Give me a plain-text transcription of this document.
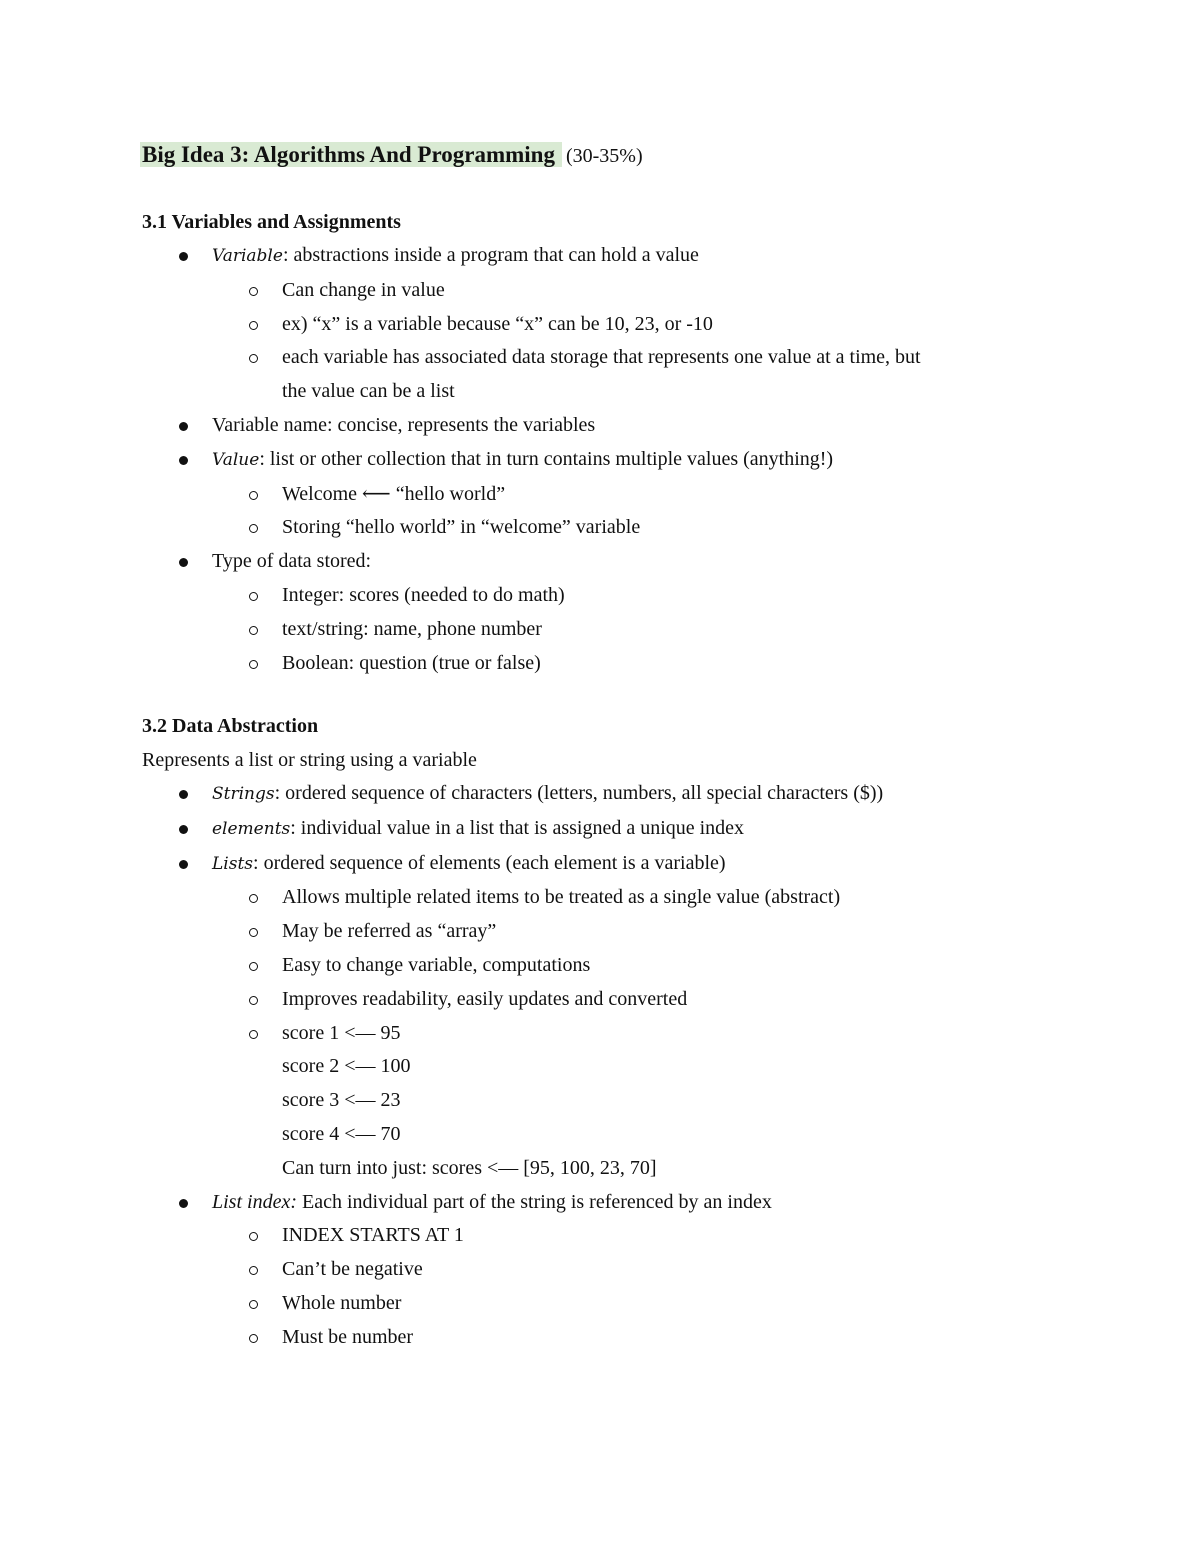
Big Idea 3: Algorithms And Programming (30-35%)
3.1 Variables and Assignments
Variable: abstractions inside a program that can hold a value
Can change in value
ex) “x” is a variable because “x” can be 10, 23, or -10
each variable has associated data storage that represents one value at a time, but
the value can be a list
Variable name: concise, represents the variables
Value: list or other collection that in turn contains multiple values (anything!)
Welcome ⟵ “hello world”
Storing “hello world” in “welcome” variable
Type of data stored:
Integer: scores (needed to do math)
text/string: name, phone number
Boolean: question (true or false)
3.2 Data Abstraction
Represents a list or string using a variable
Strings: ordered sequence of characters (letters, numbers, all special characters ($))
elements: individual value in a list that is assigned a unique index
Lists: ordered sequence of elements (each element is a variable)
Allows multiple related items to be treated as a single value (abstract)
May be referred as “array”
Easy to change variable, computations
Improves readability, easily updates and converted
score 1 <— 95
score 2 <— 100
score 3 <— 23
score 4 <— 70
Can turn into just: scores <— [95, 100, 23, 70]
List index: Each individual part of the string is referenced by an index
INDEX STARTS AT 1
Can’t be negative
Whole number
Must be number
